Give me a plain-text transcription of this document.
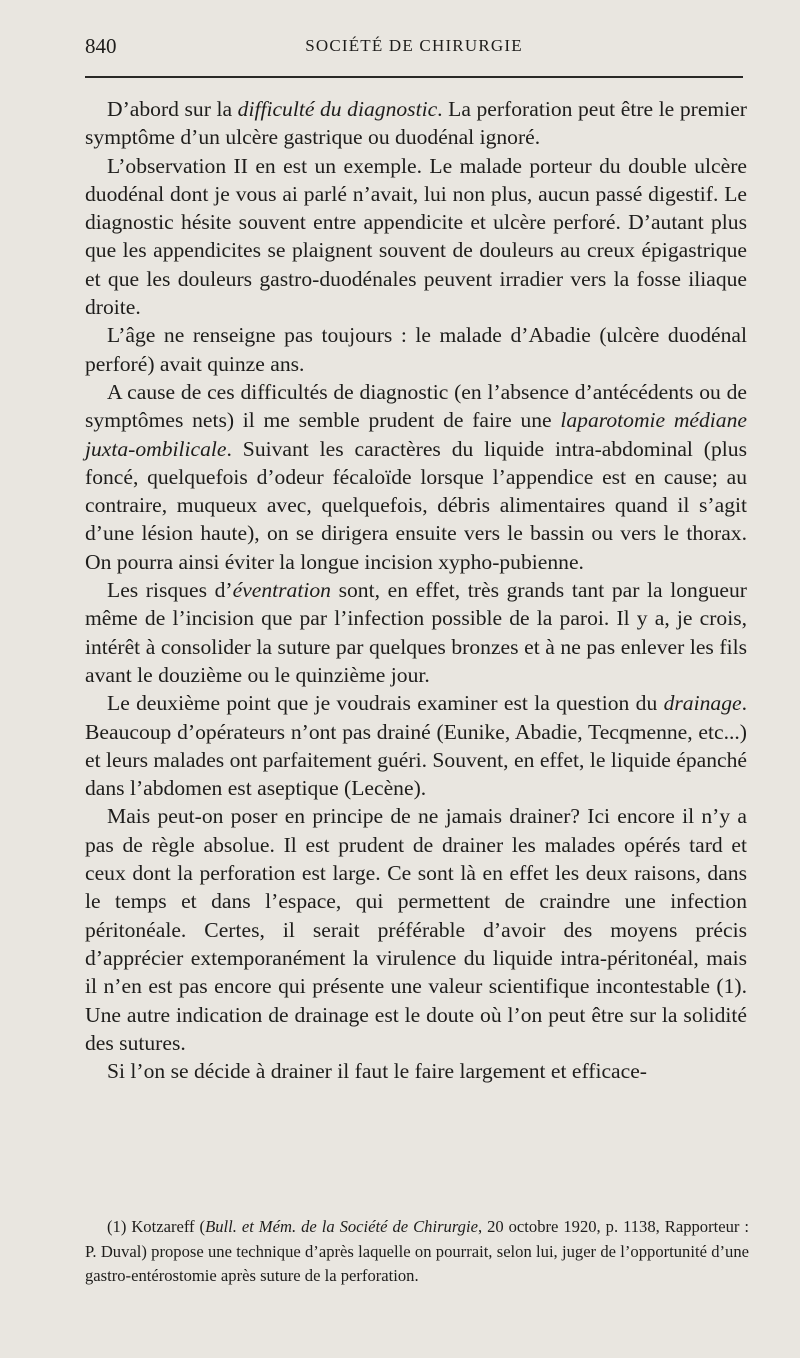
840	SOCIÉTÉ DE CHIRURGIE

D’abord sur la difficulté du diagnostic. La perforation peut être le premier symptôme d’un ulcère gastrique ou duodénal ignoré.

L’observation II en est un exemple. Le malade porteur du double ulcère duodénal dont je vous ai parlé n’avait, lui non plus, aucun passé digestif. Le diagnostic hésite souvent entre appendicite et ulcère perforé. D’autant plus que les appendicites se plaignent souvent de douleurs au creux épigastrique et que les douleurs gastro-duodénales peuvent irradier vers la fosse iliaque droite.

L’âge ne renseigne pas toujours : le malade d’Abadie (ulcère duodénal perforé) avait quinze ans.

A cause de ces difficultés de diagnostic (en l’absence d’antécédents ou de symptômes nets) il me semble prudent de faire une laparotomie médiane juxta-ombilicale. Suivant les caractères du liquide intra-abdominal (plus foncé, quelquefois d’odeur fécaloïde lorsque l’appendice est en cause; au contraire, muqueux avec, quelquefois, débris alimentaires quand il s’agit d’une lésion haute), on se dirigera ensuite vers le bassin ou vers le thorax. On pourra ainsi éviter la longue incision xypho-pubienne.

Les risques d’éventration sont, en effet, très grands tant par la longueur même de l’incision que par l’infection possible de la paroi. Il y a, je crois, intérêt à consolider la suture par quelques bronzes et à ne pas enlever les fils avant le douzième ou le quinzième jour.

Le deuxième point que je voudrais examiner est la question du drainage. Beaucoup d’opérateurs n’ont pas drainé (Eunike, Abadie, Tecqmenne, etc...) et leurs malades ont parfaitement guéri. Souvent, en effet, le liquide épanché dans l’abdomen est aseptique (Lecène).

Mais peut-on poser en principe de ne jamais drainer? Ici encore il n’y a pas de règle absolue. Il est prudent de drainer les malades opérés tard et ceux dont la perforation est large. Ce sont là en effet les deux raisons, dans le temps et dans l’espace, qui permettent de craindre une infection péritonéale. Certes, il serait préférable d’avoir des moyens précis d’apprécier extemporanément la virulence du liquide intra-péritonéal, mais il n’en est pas encore qui présente une valeur scientifique incontestable (1). Une autre indication de drainage est le doute où l’on peut être sur la solidité des sutures.

Si l’on se décide à drainer il faut le faire largement et efficace-

(1) Kotzareff (Bull. et Mém. de la Société de Chirurgie, 20 octobre 1920, p. 1138, Rapporteur : P. Duval) propose une technique d’après laquelle on pourrait, selon lui, juger de l’opportunité d’une gastro-entérostomie après suture de la perforation.
